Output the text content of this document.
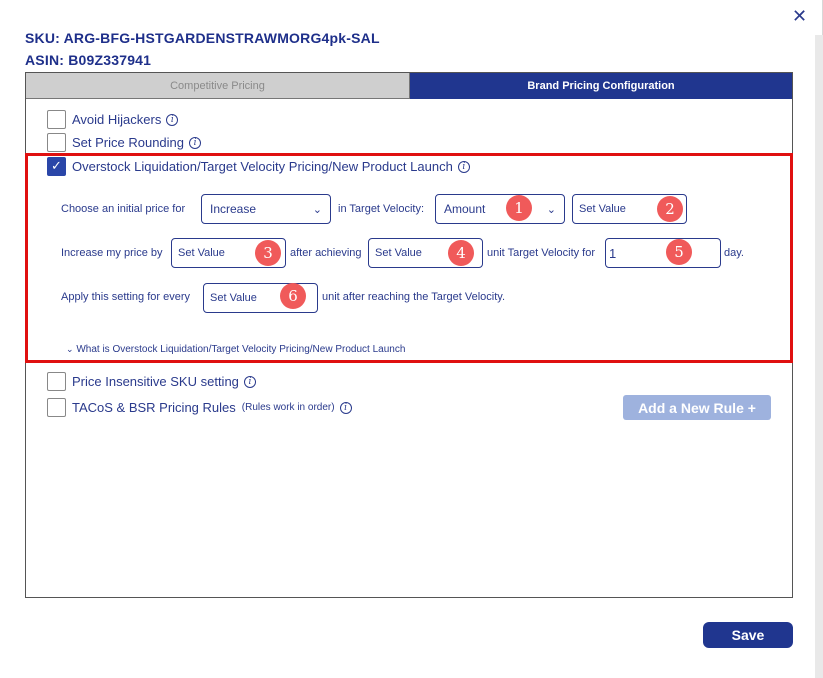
✕
SKU: ARG-BFG-HSTGARDENSTRAWMORG4pk-SAL
ASIN: B09Z337941
Competitive Pricing	Brand Pricing Configuration
Avoid Hijackers	i
Set Price Rounding	i
✓ Overstock Liquidation/Target Velocity Pricing/New Product Launch	i
Choose an initial price for Increase	⌄ in Target Velocity: Amount	⌄
1	Set Value	2
Increase my price by Set Value	3	after achieving Set Value	4	unit Target Velocity for 1	5	day.
Apply this setting for every Set Value	6	unit after reaching the Target Velocity.
⌄ What is Overstock Liquidation/Target Velocity Pricing/New Product Launch
Price Insensitive SKU setting	i
TACoS & BSR Pricing Rules (Rules work in order)	i	Add a New Rule +
Save
